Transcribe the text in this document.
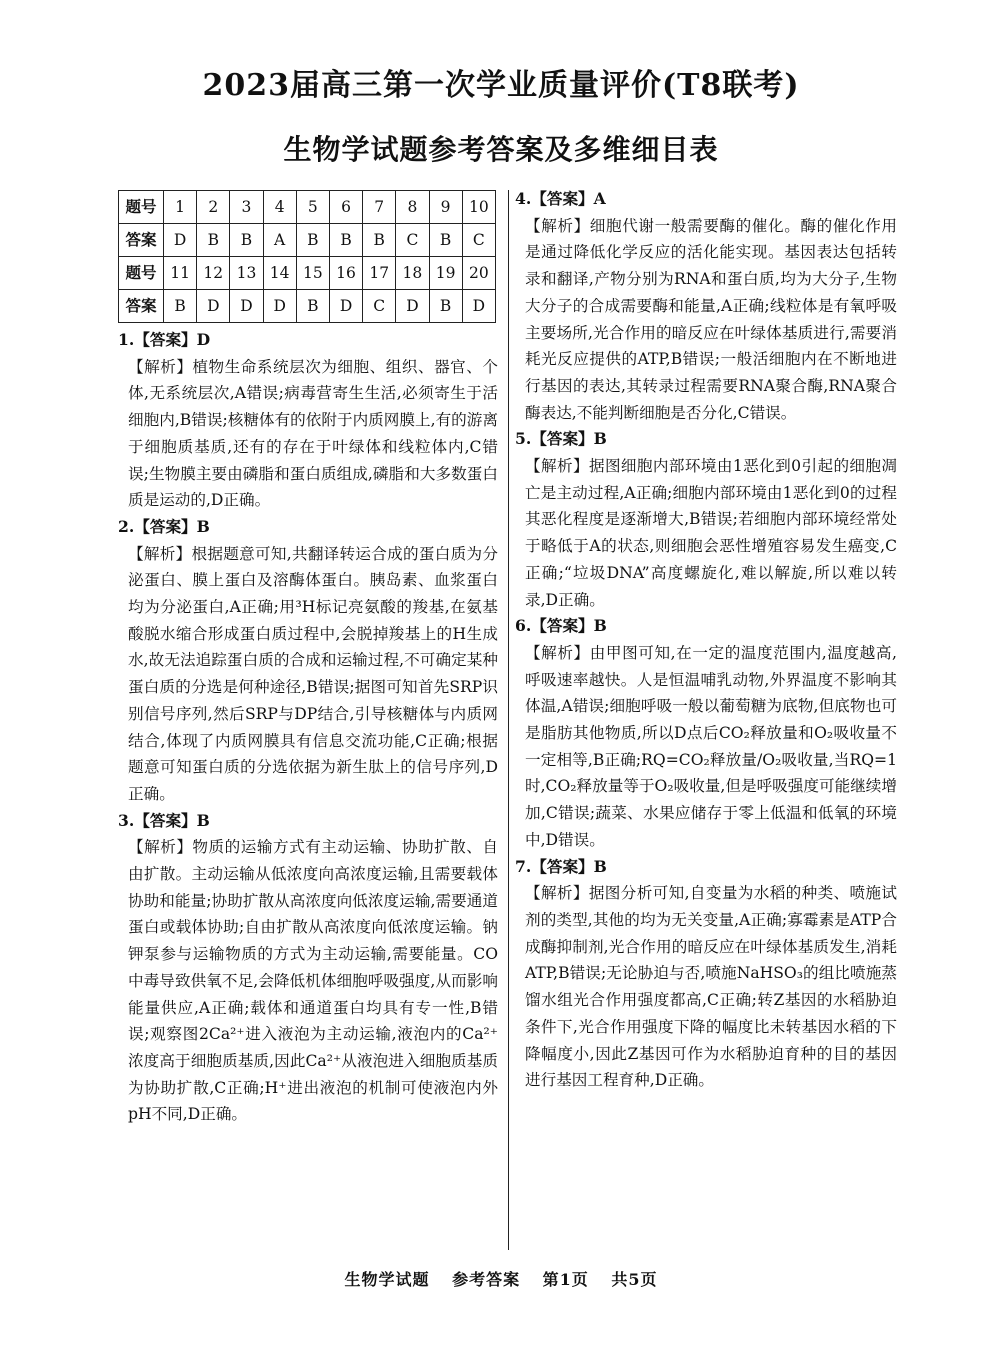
2023届高三第一次学业质量评价(T8联考)
生物学试题参考答案及多维细目表
题号	1	2	3	4	5	6	7	8	9	10
答案	D	B	B	A	B	B	B	C	B	C
题号	11	12	13	14	15	16	17	18	19	20
答案	B	D	D	D	B	D	C	D	B	D
1.【答案】D
【解析】植物生命系统层次为细胞、组织、器官、个体,无系统层次,A错误;病毒营寄生生活,必须寄生于活细胞内,B错误;核糖体有的依附于内质网膜上,有的游离于细胞质基质,还有的存在于叶绿体和线粒体内,C错误;生物膜主要由磷脂和蛋白质组成,磷脂和大多数蛋白质是运动的,D正确。
2.【答案】B
【解析】根据题意可知,共翻译转运合成的蛋白质为分泌蛋白、膜上蛋白及溶酶体蛋白。胰岛素、血浆蛋白均为分泌蛋白,A正确;用³H标记亮氨酸的羧基,在氨基酸脱水缩合形成蛋白质过程中,会脱掉羧基上的H生成水,故无法追踪蛋白质的合成和运输过程,不可确定某种蛋白质的分选是何种途径,B错误;据图可知首先SRP识别信号序列,然后SRP与DP结合,引导核糖体与内质网结合,体现了内质网膜具有信息交流功能,C正确;根据题意可知蛋白质的分选依据为新生肽上的信号序列,D正确。
3.【答案】B
【解析】物质的运输方式有主动运输、协助扩散、自由扩散。主动运输从低浓度向高浓度运输,且需要载体协助和能量;协助扩散从高浓度向低浓度运输,需要通道蛋白或载体协助;自由扩散从高浓度向低浓度运输。钠钾泵参与运输物质的方式为主动运输,需要能量。CO中毒导致供氧不足,会降低机体细胞呼吸强度,从而影响能量供应,A正确;载体和通道蛋白均具有专一性,B错误;观察图2Ca²⁺进入液泡为主动运输,液泡内的Ca²⁺浓度高于细胞质基质,因此Ca²⁺从液泡进入细胞质基质为协助扩散,C正确;H⁺进出液泡的机制可使液泡内外pH不同,D正确。
4.【答案】A
【解析】细胞代谢一般需要酶的催化。酶的催化作用是通过降低化学反应的活化能实现。基因表达包括转录和翻译,产物分别为RNA和蛋白质,均为大分子,生物大分子的合成需要酶和能量,A正确;线粒体是有氧呼吸主要场所,光合作用的暗反应在叶绿体基质进行,需要消耗光反应提供的ATP,B错误;一般活细胞内在不断地进行基因的表达,其转录过程需要RNA聚合酶,RNA聚合酶表达,不能判断细胞是否分化,C错误。
5.【答案】B
【解析】据图细胞内部环境由1恶化到0引起的细胞凋亡是主动过程,A正确;细胞内部环境由1恶化到0的过程其恶化程度是逐渐增大,B错误;若细胞内部环境经常处于略低于A的状态,则细胞会恶性增殖容易发生癌变,C正确;“垃圾DNA”高度螺旋化,难以解旋,所以难以转录,D正确。
6.【答案】B
【解析】由甲图可知,在一定的温度范围内,温度越高,呼吸速率越快。人是恒温哺乳动物,外界温度不影响其体温,A错误;细胞呼吸一般以葡萄糖为底物,但底物也可是脂肪其他物质,所以D点后CO₂释放量和O₂吸收量不一定相等,B正确;RQ=CO₂释放量/O₂吸收量,当RQ=1时,CO₂释放量等于O₂吸收量,但是呼吸强度可能继续增加,C错误;蔬菜、水果应储存于零上低温和低氧的环境中,D错误。
7.【答案】B
【解析】据图分析可知,自变量为水稻的种类、喷施试剂的类型,其他的均为无关变量,A正确;寡霉素是ATP合成酶抑制剂,光合作用的暗反应在叶绿体基质发生,消耗ATP,B错误;无论胁迫与否,喷施NaHSO₃的组比喷施蒸馏水组光合作用强度都高,C正确;转Z基因的水稻胁迫条件下,光合作用强度下降的幅度比未转基因水稻的下降幅度小,因此Z基因可作为水稻胁迫育种的目的基因进行基因工程育种,D正确。
生物学试题 参考答案 第1页 共5页
